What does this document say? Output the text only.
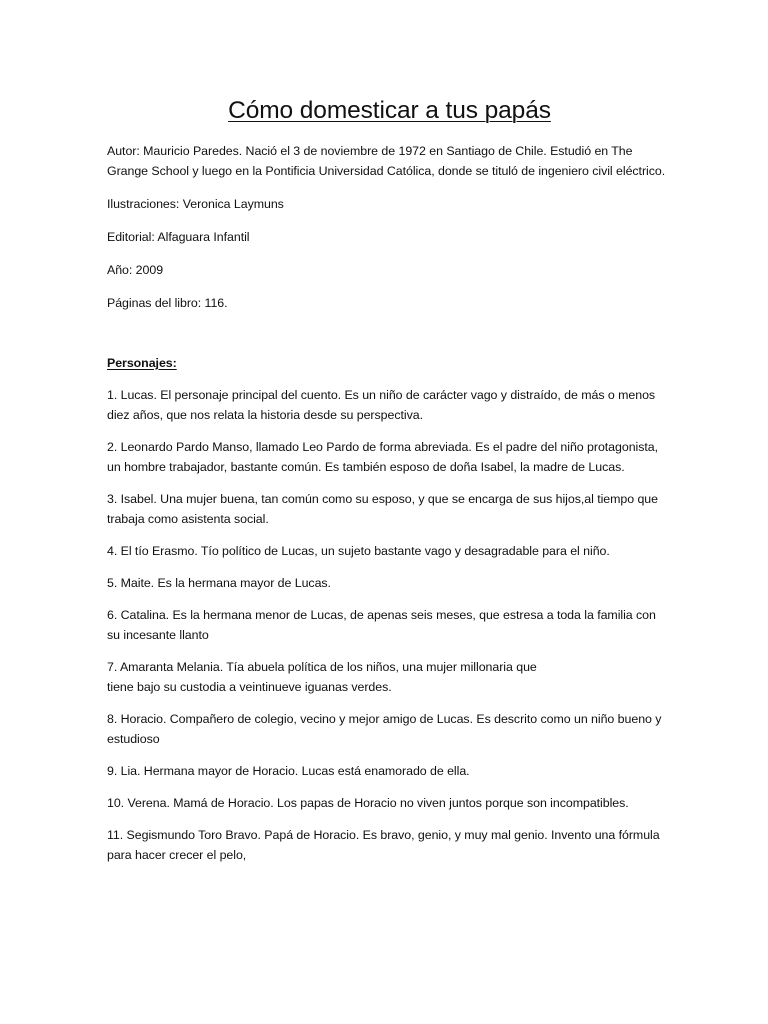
Cómo domesticar a tus papás

Autor: Mauricio Paredes. Nació el 3 de noviembre de 1972 en Santiago de Chile. Estudió en The Grange School y luego en la Pontificia Universidad Católica, donde se tituló de ingeniero civil eléctrico.

Ilustraciones: Veronica Laymuns

Editorial: Alfaguara Infantil

Año: 2009

Páginas del libro: 116.

Personajes:

1. Lucas. El personaje principal del cuento. Es un niño de carácter vago y distraído, de más o menos diez años, que nos relata la historia desde su perspectiva.

2. Leonardo Pardo Manso, llamado Leo Pardo de forma abreviada. Es el padre del niño protagonista, un hombre trabajador, bastante común. Es también esposo de doña Isabel, la madre de Lucas.

3. Isabel. Una mujer buena, tan común como su esposo, y que se encarga de sus hijos,al tiempo que trabaja como asistenta social.

4. El tío Erasmo. Tío político de Lucas, un sujeto bastante vago y desagradable para el niño.

5. Maite. Es la hermana mayor de Lucas.

6. Catalina. Es la hermana menor de Lucas, de apenas seis meses, que estresa a toda la familia con su incesante llanto

7. Amaranta Melania. Tía abuela política de los niños, una mujer millonaria que
tiene bajo su custodia a veintinueve iguanas verdes.

8. Horacio. Compañero de colegio, vecino y mejor amigo de Lucas. Es descrito como un niño bueno y estudioso

9. Lia. Hermana mayor de Horacio. Lucas está enamorado de ella.

10. Verena. Mamá de Horacio. Los papas de Horacio no viven juntos porque son incompatibles.

11. Segismundo Toro Bravo. Papá de Horacio. Es bravo, genio, y muy mal genio. Invento una fórmula para hacer crecer el pelo,
